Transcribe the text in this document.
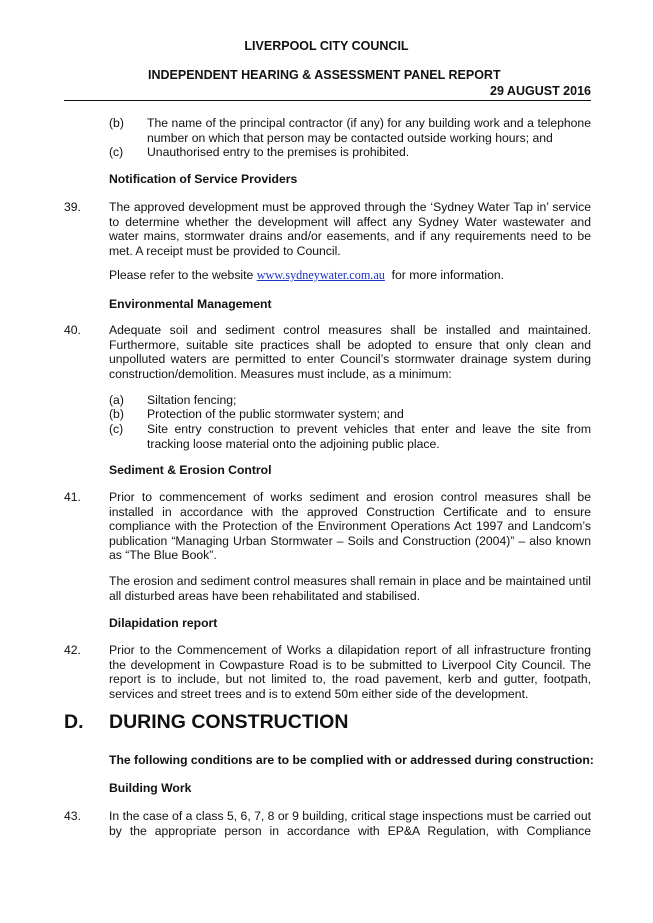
LIVERPOOL CITY COUNCIL
INDEPENDENT HEARING & ASSESSMENT PANEL REPORT
29 AUGUST 2016
(b)	The name of the principal contractor (if any) for any building work and a telephone number on which that person may be contacted outside working hours; and
(c)	Unauthorised entry to the premises is prohibited.
Notification of Service Providers
39. The approved development must be approved through the ‘Sydney Water Tap in’ service to determine whether the development will affect any Sydney Water wastewater and water mains, stormwater drains and/or easements, and if any requirements need to be met. A receipt must be provided to Council.
Please refer to the website www.sydneywater.com.au  for more information.
Environmental Management
40. Adequate soil and sediment control measures shall be installed and maintained. Furthermore, suitable site practices shall be adopted to ensure that only clean and unpolluted waters are permitted to enter Council’s stormwater drainage system during construction/demolition. Measures must include, as a minimum:
(a)	Siltation fencing;
(b)	Protection of the public stormwater system; and
(c)	Site entry construction to prevent vehicles that enter and leave the site from tracking loose material onto the adjoining public place.
Sediment & Erosion Control
41. Prior to commencement of works sediment and erosion control measures shall be installed in accordance with the approved Construction Certificate and to ensure compliance with the Protection of the Environment Operations Act 1997 and Landcom’s publication “Managing Urban Stormwater – Soils and Construction (2004)” – also known as “The Blue Book”.
The erosion and sediment control measures shall remain in place and be maintained until all disturbed areas have been rehabilitated and stabilised.
Dilapidation report
42. Prior to the Commencement of Works a dilapidation report of all infrastructure fronting the development in Cowpasture Road is to be submitted to Liverpool City Council. The report is to include, but not limited to, the road pavement, kerb and gutter, footpath, services and street trees and is to extend 50m either side of the development.
D. DURING CONSTRUCTION
The following conditions are to be complied with or addressed during construction:
Building Work
43. In the case of a class 5, 6, 7, 8 or 9 building, critical stage inspections must be carried out by the appropriate person in accordance with EP&A Regulation, with Compliance
